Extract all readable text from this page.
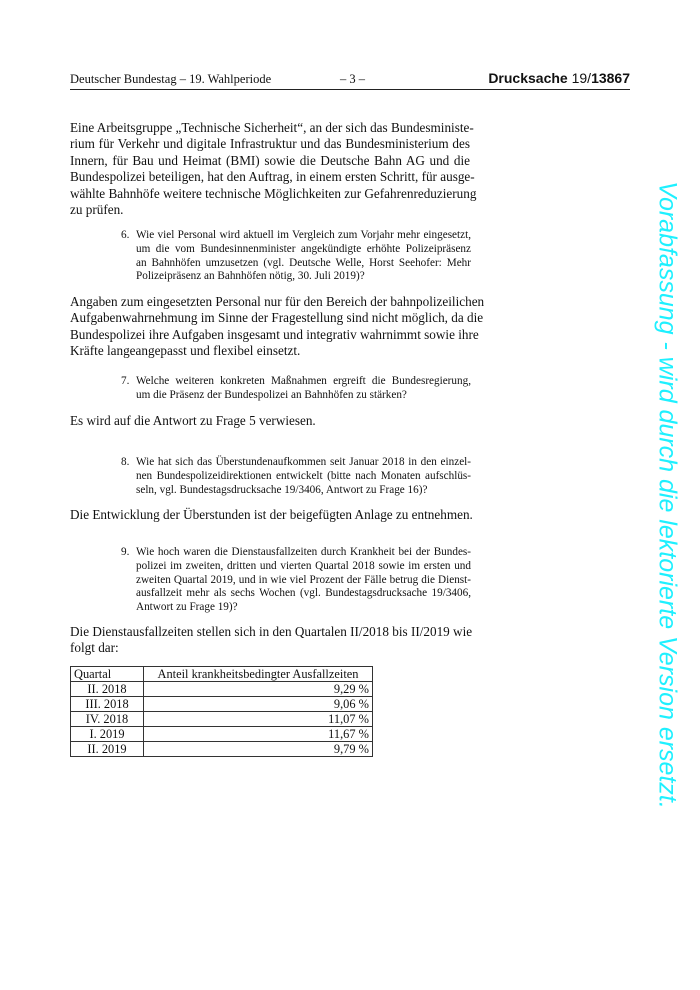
Deutscher Bundestag – 19. Wahlperiode	– 3 –	Drucksache 19/13867
Eine Arbeitsgruppe „Technische Sicherheit“, an der sich das Bundesministe-
rium für Verkehr und digitale Infrastruktur und das Bundesministerium des
Innern, für Bau und Heimat (BMI) sowie die Deutsche Bahn AG und die
Bundespolizei beteiligen, hat den Auftrag, in einem ersten Schritt, für ausge-
wählte Bahnhöfe weitere technische Möglichkeiten zur Gefahrenreduzierung
zu prüfen.
6. Wie viel Personal wird aktuell im Vergleich zum Vorjahr mehr eingesetzt,
um die vom Bundesinnenminister angekündigte erhöhte Polizeipräsenz
an Bahnhöfen umzusetzen (vgl. Deutsche Welle, Horst Seehofer: Mehr
Polizeipräsenz an Bahnhöfen nötig, 30. Juli 2019)?
Angaben zum eingesetzten Personal nur für den Bereich der bahnpolizeilichen
Aufgabenwahrnehmung im Sinne der Fragestellung sind nicht möglich, da die
Bundespolizei ihre Aufgaben insgesamt und integrativ wahrnimmt sowie ihre
Kräfte langeangepasst und flexibel einsetzt.
7. Welche weiteren konkreten Maßnahmen ergreift die Bundesregierung,
um die Präsenz der Bundespolizei an Bahnhöfen zu stärken?
Es wird auf die Antwort zu Frage 5 verwiesen.
8. Wie hat sich das Überstundenaufkommen seit Januar 2018 in den einzel-
nen Bundespolizeidirektionen entwickelt (bitte nach Monaten aufschlüs-
seln, vgl. Bundestagsdrucksache 19/3406, Antwort zu Frage 16)?
Die Entwicklung der Überstunden ist der beigefügten Anlage zu entnehmen.
9. Wie hoch waren die Dienstausfallzeiten durch Krankheit bei der Bundes-
polizei im zweiten, dritten und vierten Quartal 2018 sowie im ersten und
zweiten Quartal 2019, und in wie viel Prozent der Fälle betrug die Dienst-
ausfallzeit mehr als sechs Wochen (vgl. Bundestagsdrucksache 19/3406,
Antwort zu Frage 19)?
Die Dienstausfallzeiten stellen sich in den Quartalen II/2018 bis II/2019 wie
folgt dar:
Quartal	Anteil krankheitsbedingter Ausfallzeiten
II. 2018	9,29 %
III. 2018	9,06 %
IV. 2018	11,07 %
I. 2019	11,67 %
II. 2019	9,79 %	Vorabfassung - wird durch die lektorierte Version ersetzt.
